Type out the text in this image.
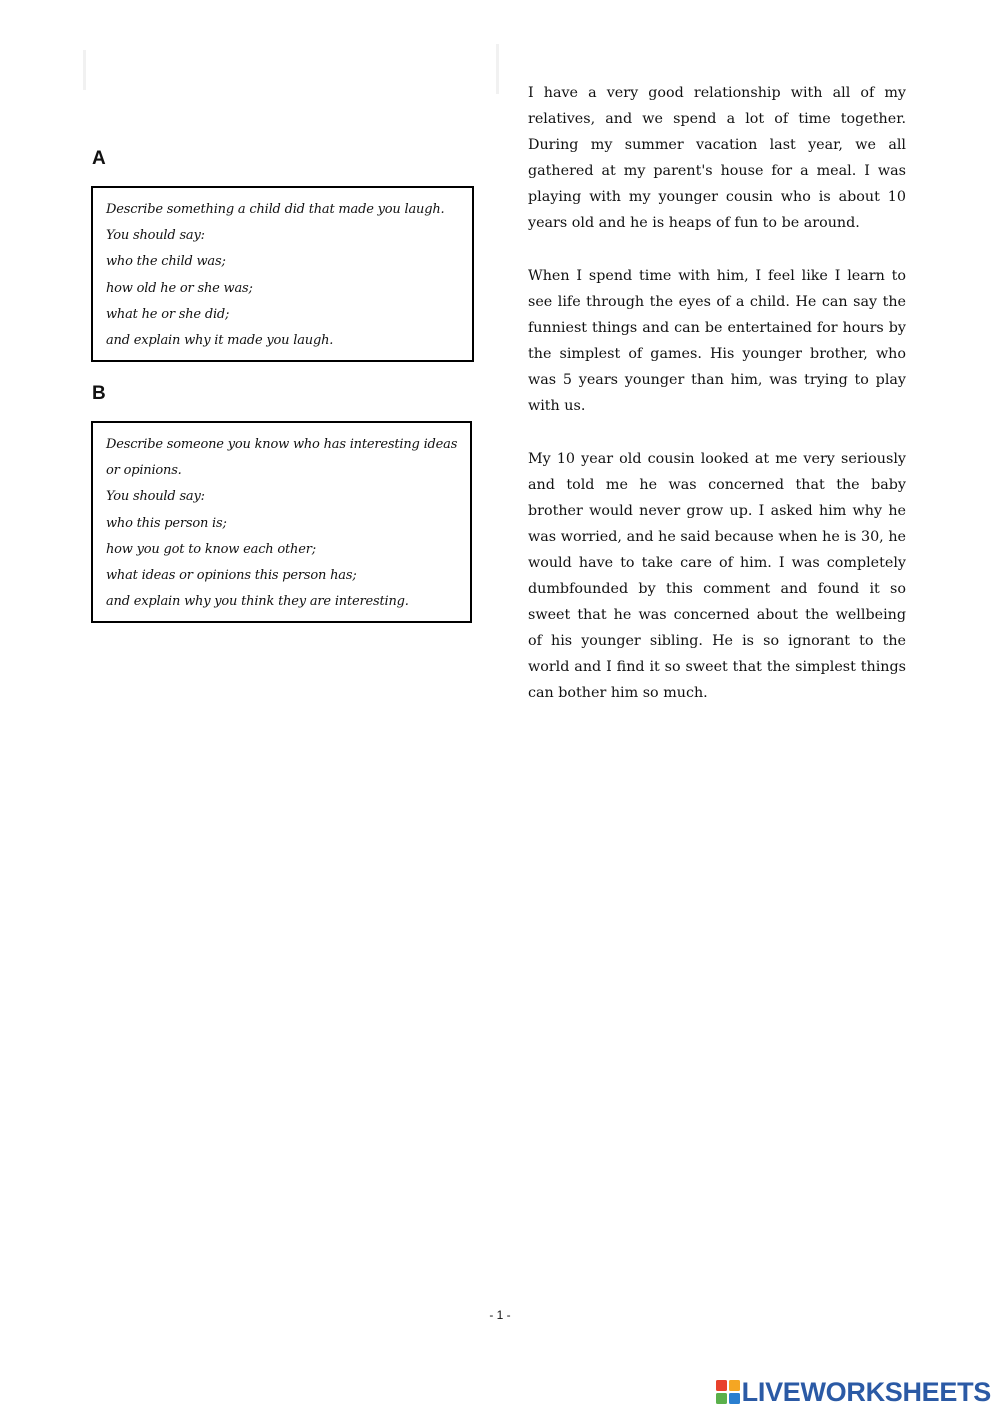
A
Describe something a child did that made you laugh.
You should say:
who the child was;
how old he or she was;
what he or she did;
and explain why it made you laugh.
B
Describe someone you know who has interesting ideas
or opinions.
You should say:
who this person is;
how you got to know each other;
what ideas or opinions this person has;
and explain why you think they are interesting.

I have a very good relationship with all of my relatives, and we spend a lot of time together. During my summer vacation last year, we all gathered at my parent's house for a meal. I was playing with my younger cousin who is about 10 years old and he is heaps of fun to be around.

When I spend time with him, I feel like I learn to see life through the eyes of a child. He can say the funniest things and can be entertained for hours by the simplest of games. His younger brother, who was 5 years younger than him, was trying to play with us.

My 10 year old cousin looked at me very seriously and told me he was concerned that the baby brother would never grow up. I asked him why he was worried, and he said because when he is 30, he would have to take care of him. I was completely dumbfounded by this comment and found it so sweet that he was concerned about the wellbeing of his younger sibling. He is so ignorant to the world and I find it so sweet that the simplest things can bother him so much.

- 1 -
LIVEWORKSHEETS
